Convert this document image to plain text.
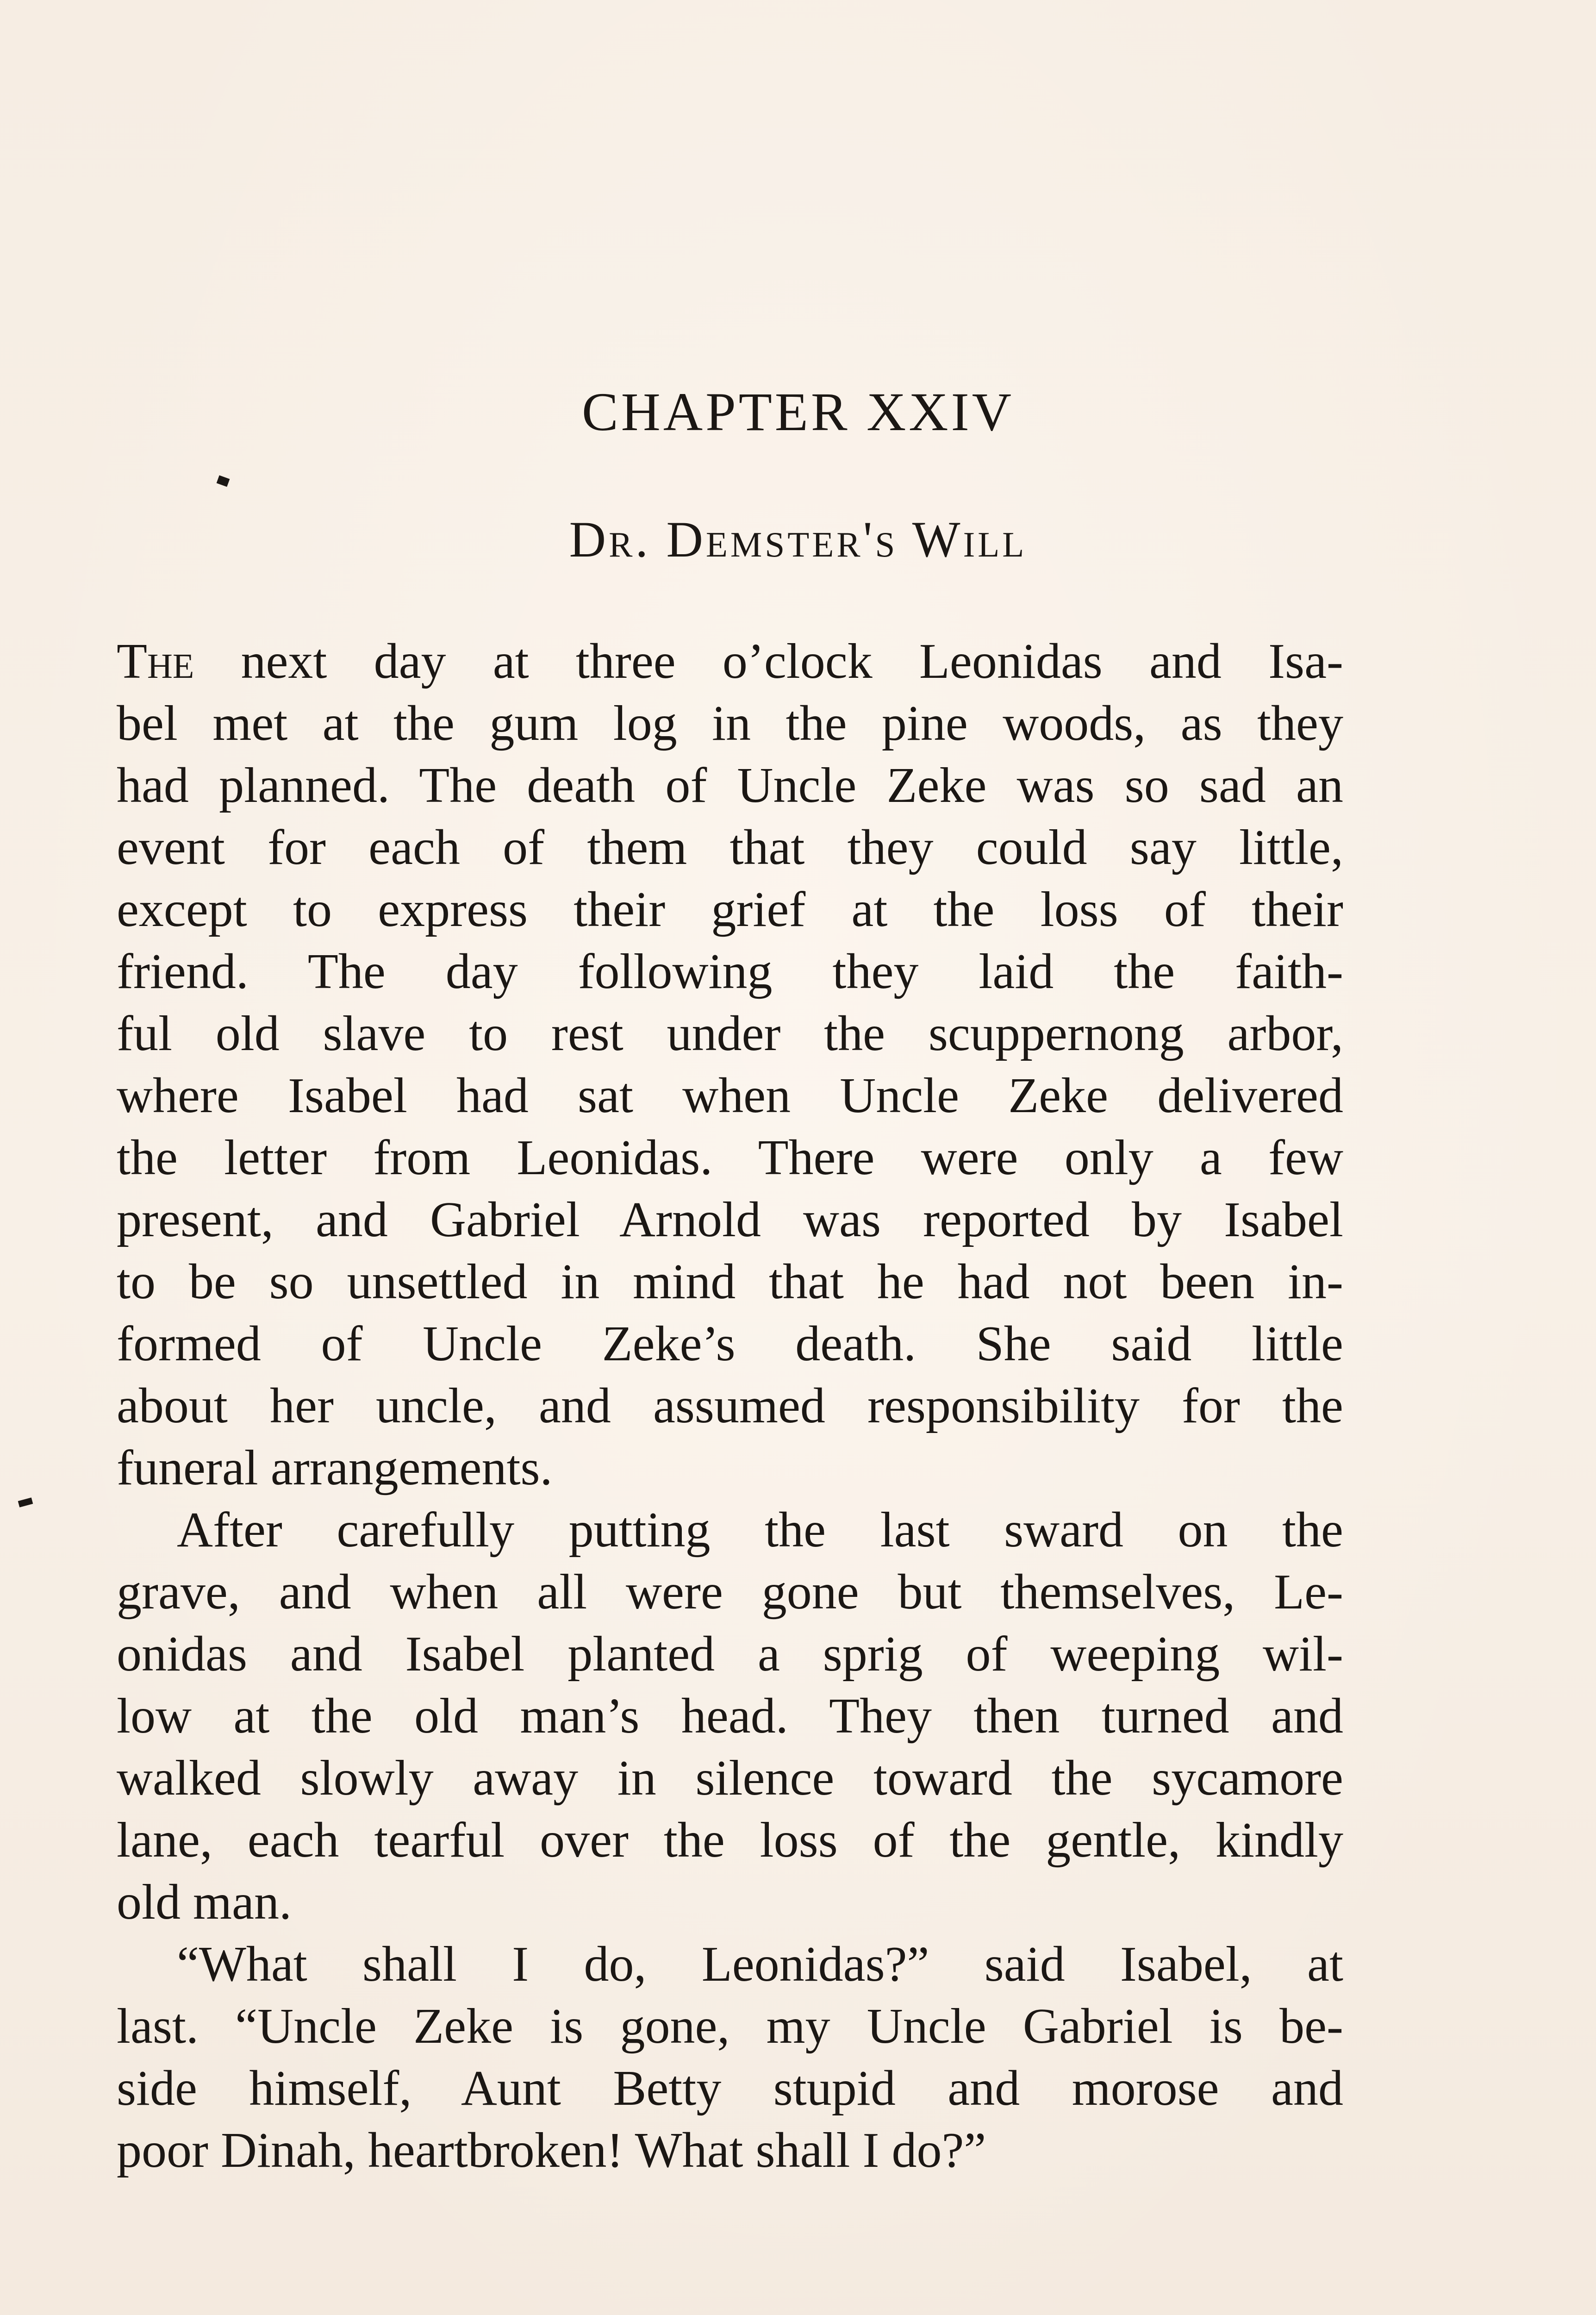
CHAPTER XXIV
Dr. Demster's Will
The next day at three o’clock Leonidas and Isa-
bel met at the gum log in the pine woods, as they
had planned. The death of Uncle Zeke was so sad an
event for each of them that they could say little,
except to express their grief at the loss of their
friend. The day following they laid the faith-
ful old slave to rest under the scuppernong arbor,
where Isabel had sat when Uncle Zeke delivered
the letter from Leonidas. There were only a few
present, and Gabriel Arnold was reported by Isabel
to be so unsettled in mind that he had not been in-
formed of Uncle Zeke’s death. She said little
about her uncle, and assumed responsibility for the
funeral arrangements.
After carefully putting the last sward on the
grave, and when all were gone but themselves, Le-
onidas and Isabel planted a sprig of weeping wil-
low at the old man’s head. They then turned and
walked slowly away in silence toward the sycamore
lane, each tearful over the loss of the gentle, kindly
old man.
“What shall I do, Leonidas?” said Isabel, at
last. “Uncle Zeke is gone, my Uncle Gabriel is be-
side himself, Aunt Betty stupid and morose and
poor Dinah, heartbroken! What shall I do?”
